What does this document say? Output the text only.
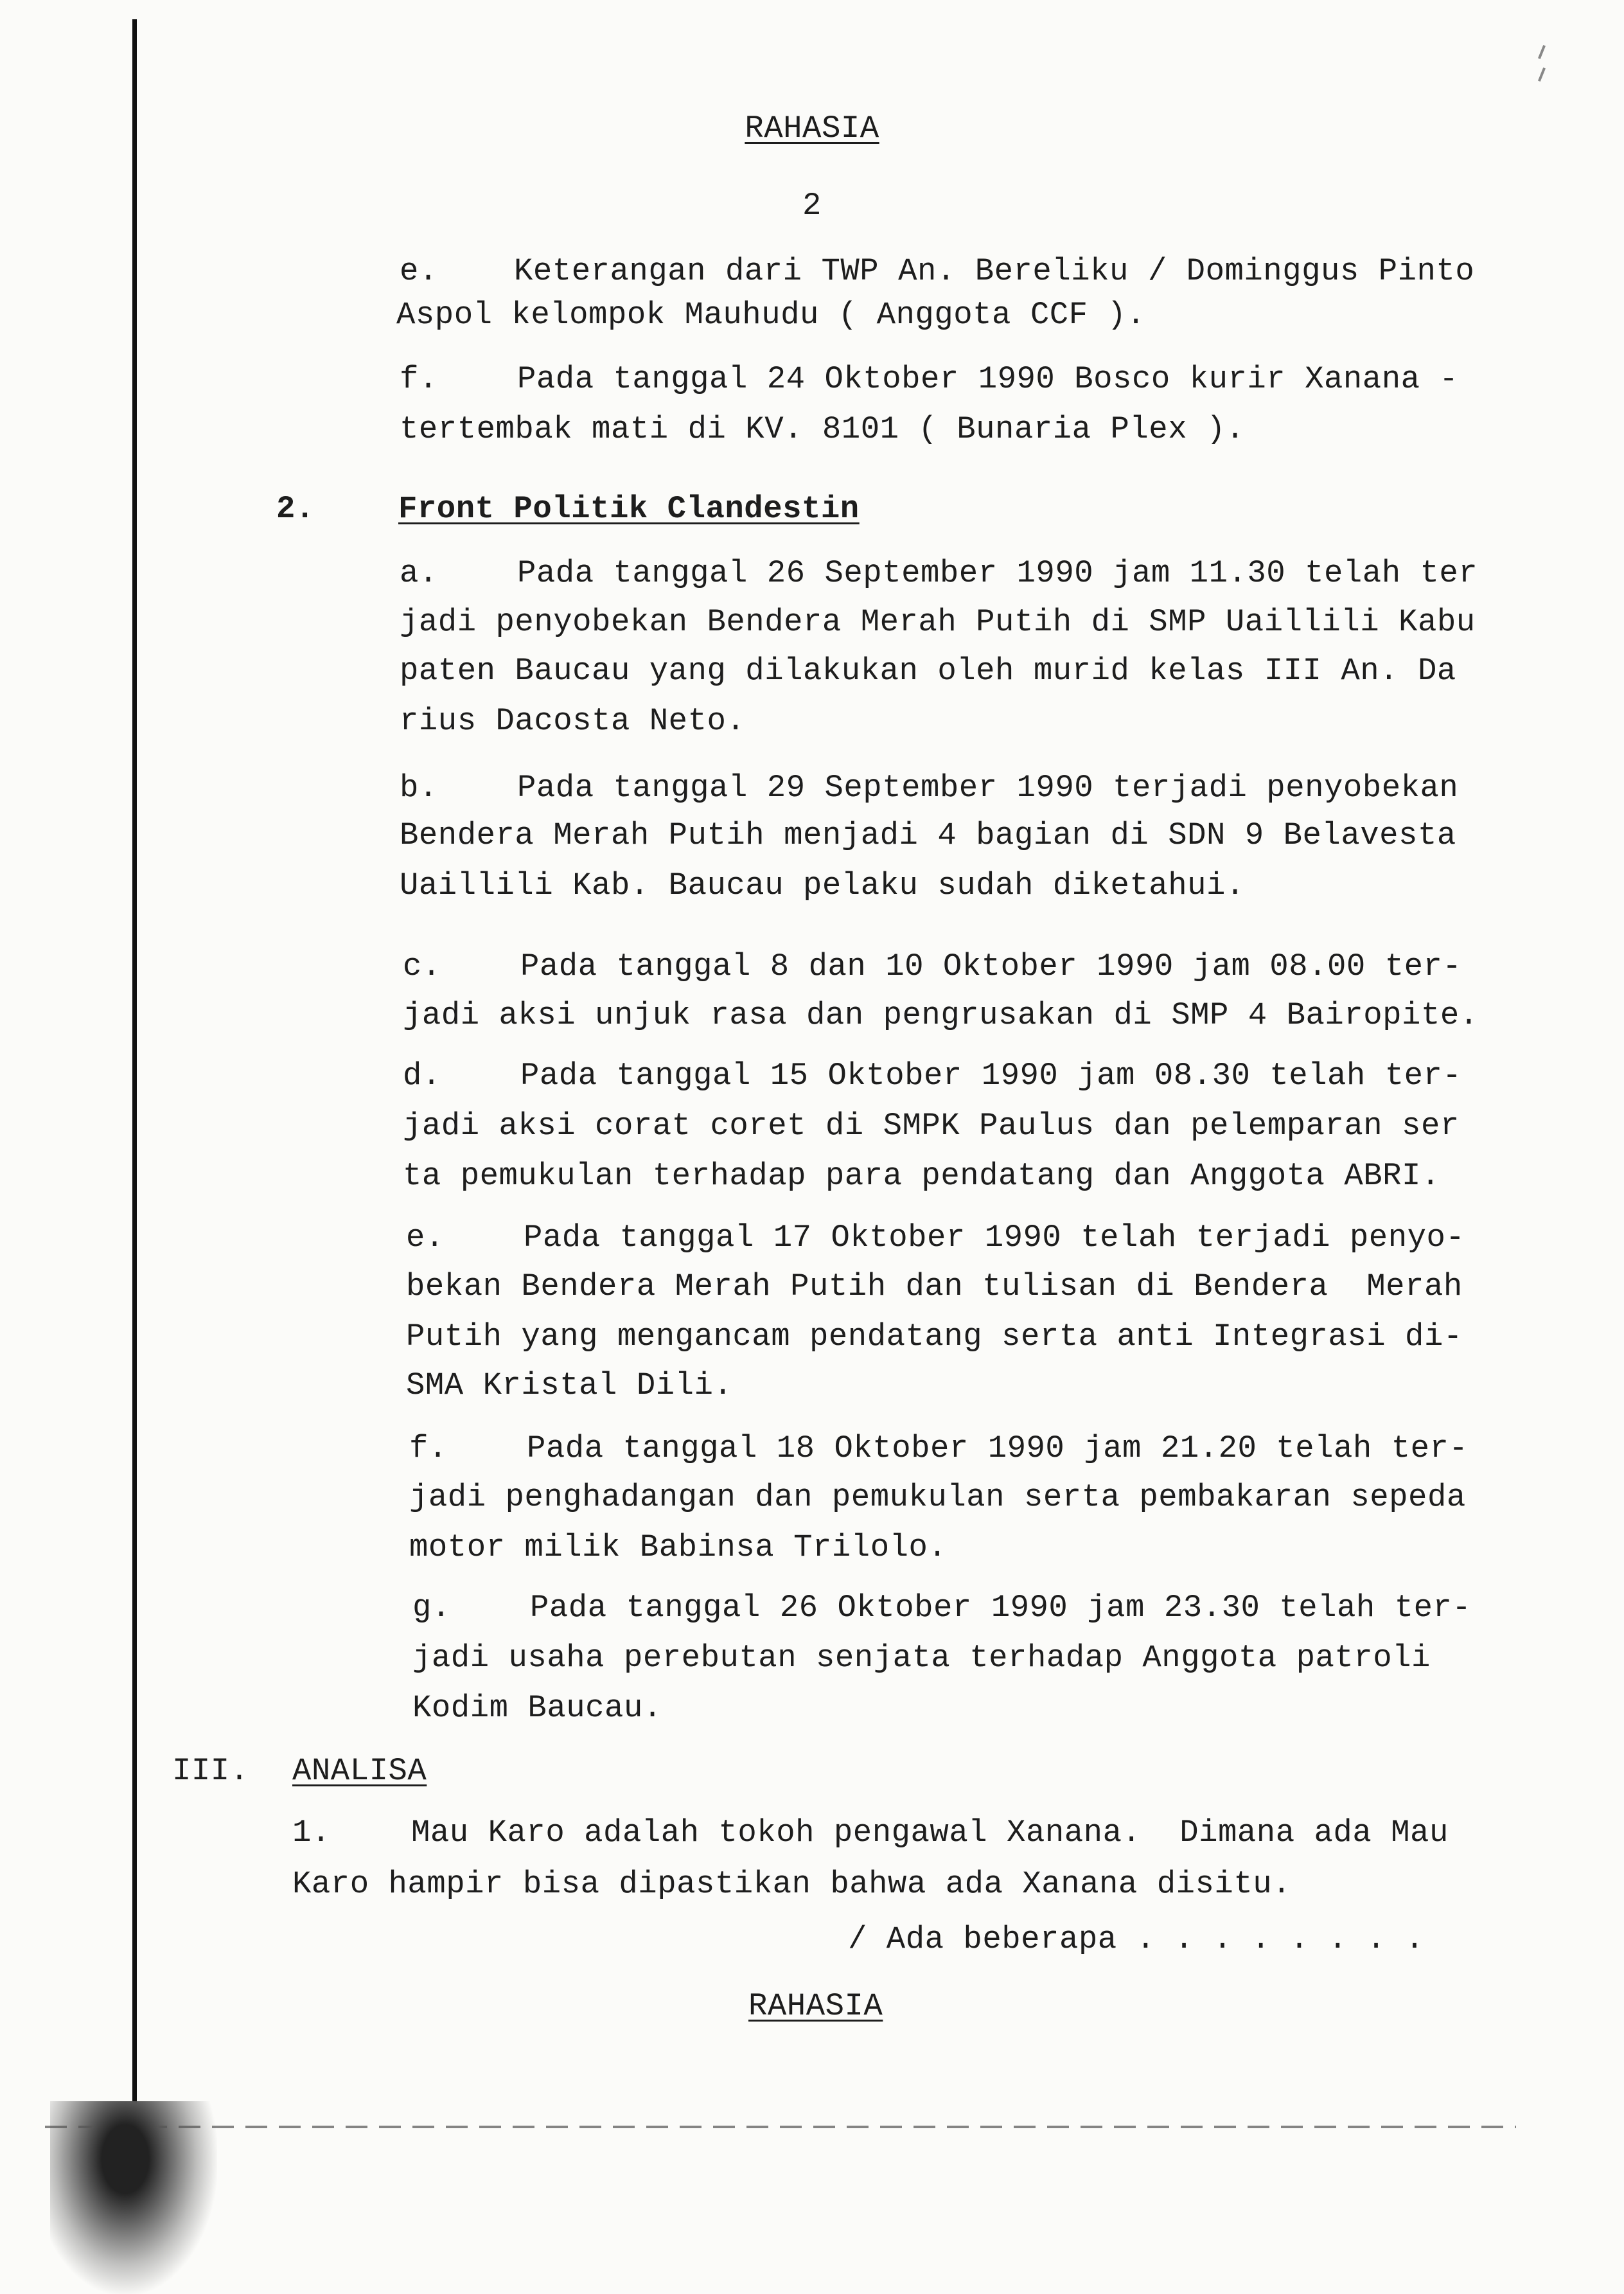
RAHASIA
2
e. Keterangan dari TWP An. Bereliku / Dominggus Pinto
Aspol kelompok Mauhudu ( Anggota CCF ).
f.	Pada tanggal 24 Oktober 1990 Bosco kurir Xanana -
tertembak mati di KV. 8101 ( Bunaria Plex ).
2.	Front Politik Clandestin
a.	Pada tanggal 26 September 1990 jam 11.30 telah ter
jadi penyobekan Bendera Merah Putih di SMP Uaillili Kabu
paten Baucau yang dilakukan oleh murid kelas III An. Da
rius Dacosta Neto.
b.	Pada tanggal 29 September 1990 terjadi penyobekan
Bendera Merah Putih menjadi 4 bagian di SDN 9 Belavesta
Uaillili Kab. Baucau pelaku sudah diketahui.
c.	Pada tanggal 8 dan 10 Oktober 1990 jam 08.00 ter-
jadi aksi unjuk rasa dan pengrusakan di SMP 4 Bairopite.
d.	Pada tanggal 15 Oktober 1990 jam 08.30 telah ter-
jadi aksi corat coret di SMPK Paulus dan pelemparan ser
ta pemukulan terhadap para pendatang dan Anggota ABRI.
e.	Pada tanggal 17 Oktober 1990 telah terjadi penyo-
bekan Bendera Merah Putih dan tulisan di Bendera  Merah
Putih yang mengancam pendatang serta anti Integrasi di-
SMA Kristal Dili.
f.	Pada tanggal 18 Oktober 1990 jam 21.20 telah ter-
jadi penghadangan dan pemukulan serta pembakaran sepeda
motor milik Babinsa Trilolo.
g.	Pada tanggal 26 Oktober 1990 jam 23.30 telah ter-
jadi usaha perebutan senjata terhadap Anggota patroli
Kodim Baucau.
III. ANALISA
1.	Mau Karo adalah tokoh pengawal Xanana.  Dimana ada Mau
Karo hampir bisa dipastikan bahwa ada Xanana disitu.
/ Ada beberapa . . . . . . . .
RAHASIA
